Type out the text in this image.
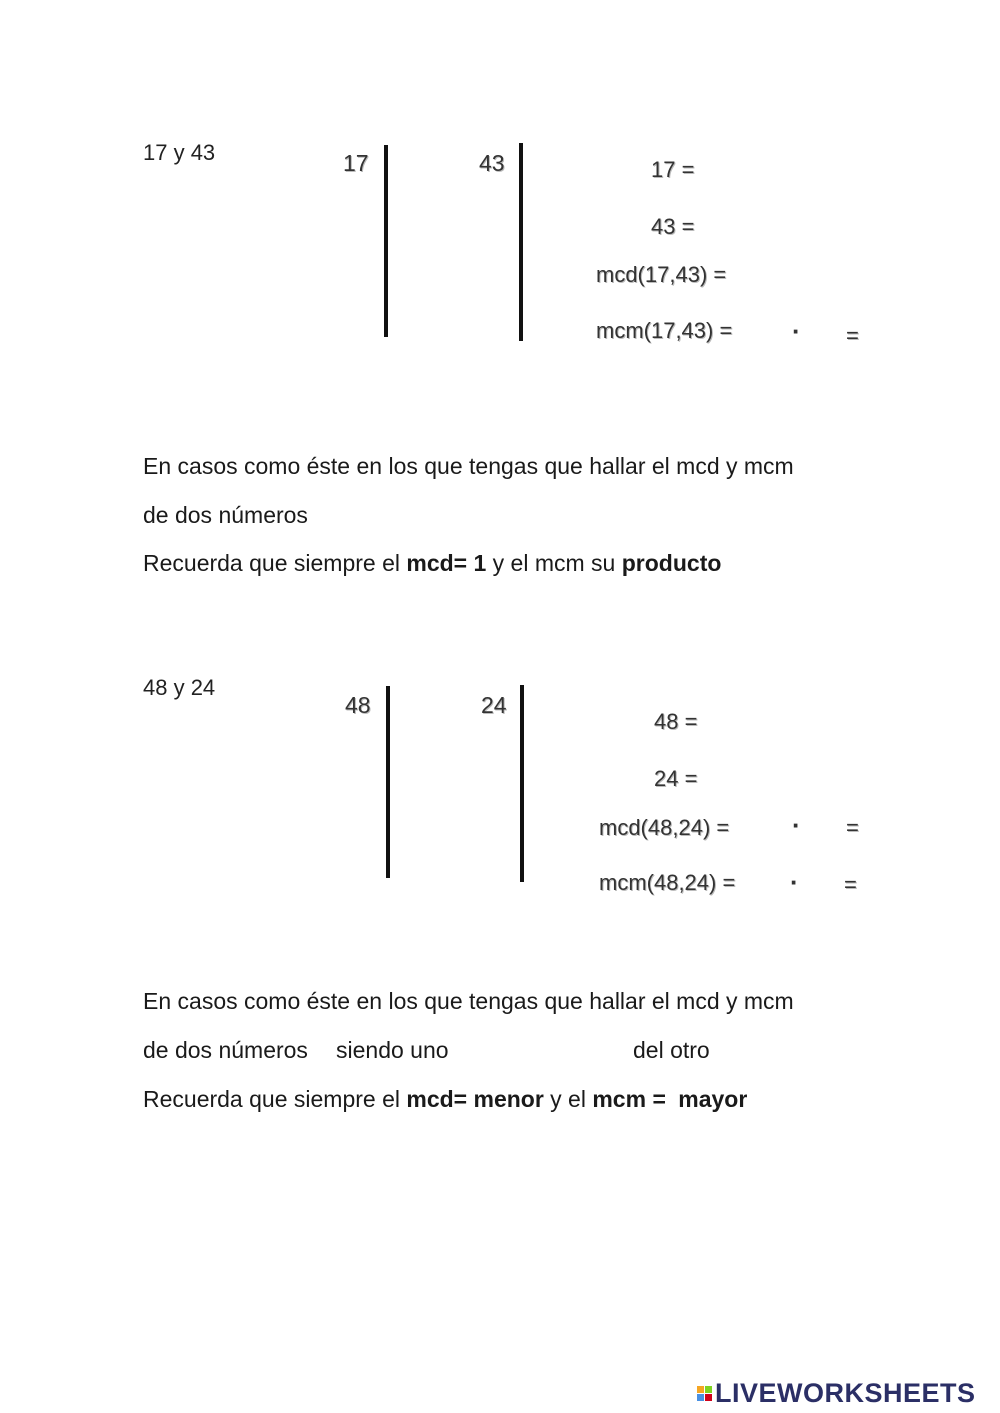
17 y 43	17	43	17 =
43 =
mcd(17,43) =
mcm(17,43) = · =
En casos como éste en los que tengas que hallar el mcd y mcm
de dos números
Recuerda que siempre el mcd= 1 y el mcm su producto
48 y 24
48	24
48 =
24 =
mcd(48,24) = · =
mcm(48,24) = · =
En casos como éste en los que tengas que hallar el mcd y mcm
de dos números siendo uno	del otro
Recuerda que siempre el mcd= menor y el mcm = mayor
LIVEWORKSHEETS
